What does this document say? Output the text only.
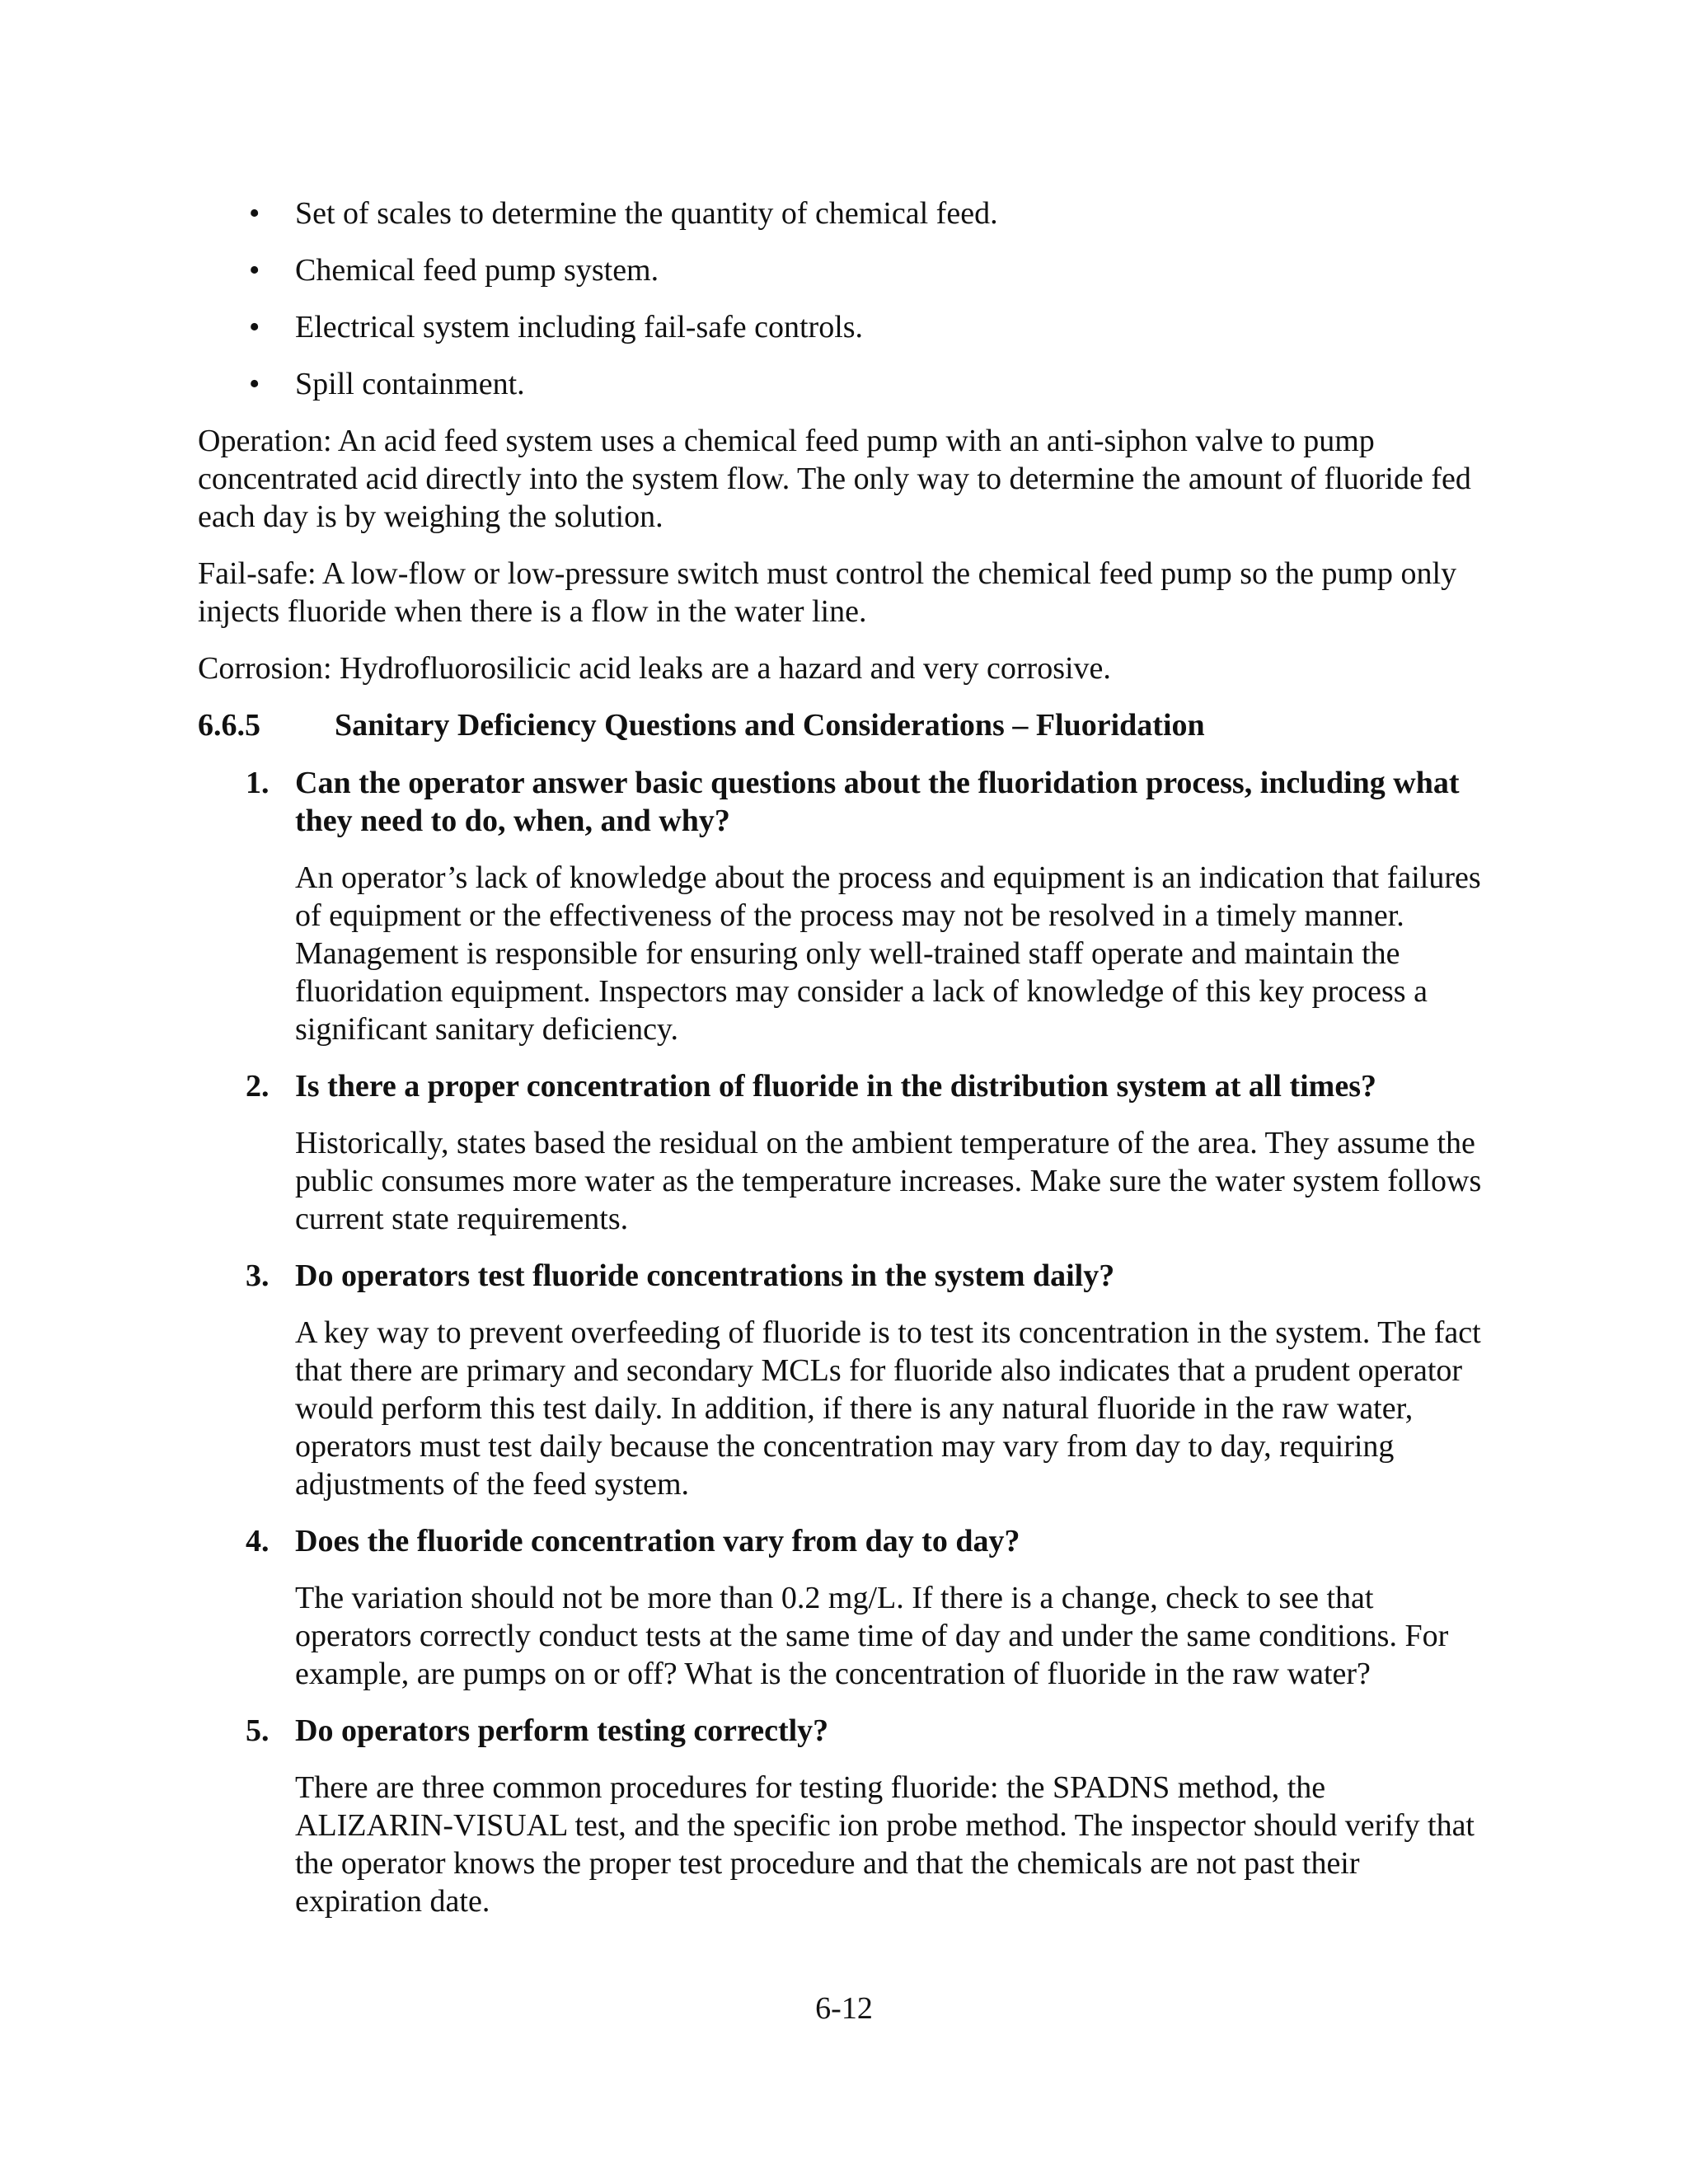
• Set of scales to determine the quantity of chemical feed.
• Chemical feed pump system.
• Electrical system including fail-safe controls.
• Spill containment.

Operation: An acid feed system uses a chemical feed pump with an anti-siphon valve to pump concentrated acid directly into the system flow. The only way to determine the amount of fluoride fed each day is by weighing the solution.

Fail-safe: A low-flow or low-pressure switch must control the chemical feed pump so the pump only injects fluoride when there is a flow in the water line.

Corrosion: Hydrofluorosilicic acid leaks are a hazard and very corrosive.

6.6.5	Sanitary Deficiency Questions and Considerations – Fluoridation
1. Can the operator answer basic questions about the fluoridation process, including what they need to do, when, and why?
An operator’s lack of knowledge about the process and equipment is an indication that failures of equipment or the effectiveness of the process may not be resolved in a timely manner. Management is responsible for ensuring only well-trained staff operate and maintain the fluoridation equipment. Inspectors may consider a lack of knowledge of this key process a significant sanitary deficiency.
2. Is there a proper concentration of fluoride in the distribution system at all times?
Historically, states based the residual on the ambient temperature of the area. They assume the public consumes more water as the temperature increases. Make sure the water system follows current state requirements.
3. Do operators test fluoride concentrations in the system daily?
A key way to prevent overfeeding of fluoride is to test its concentration in the system. The fact that there are primary and secondary MCLs for fluoride also indicates that a prudent operator would perform this test daily. In addition, if there is any natural fluoride in the raw water, operators must test daily because the concentration may vary from day to day, requiring adjustments of the feed system.
4. Does the fluoride concentration vary from day to day?
The variation should not be more than 0.2 mg/L. If there is a change, check to see that operators correctly conduct tests at the same time of day and under the same conditions. For example, are pumps on or off? What is the concentration of fluoride in the raw water?
5. Do operators perform testing correctly?
There are three common procedures for testing fluoride: the SPADNS method, the ALIZARIN-VISUAL test, and the specific ion probe method. The inspector should verify that the operator knows the proper test procedure and that the chemicals are not past their expiration date.
6-12
